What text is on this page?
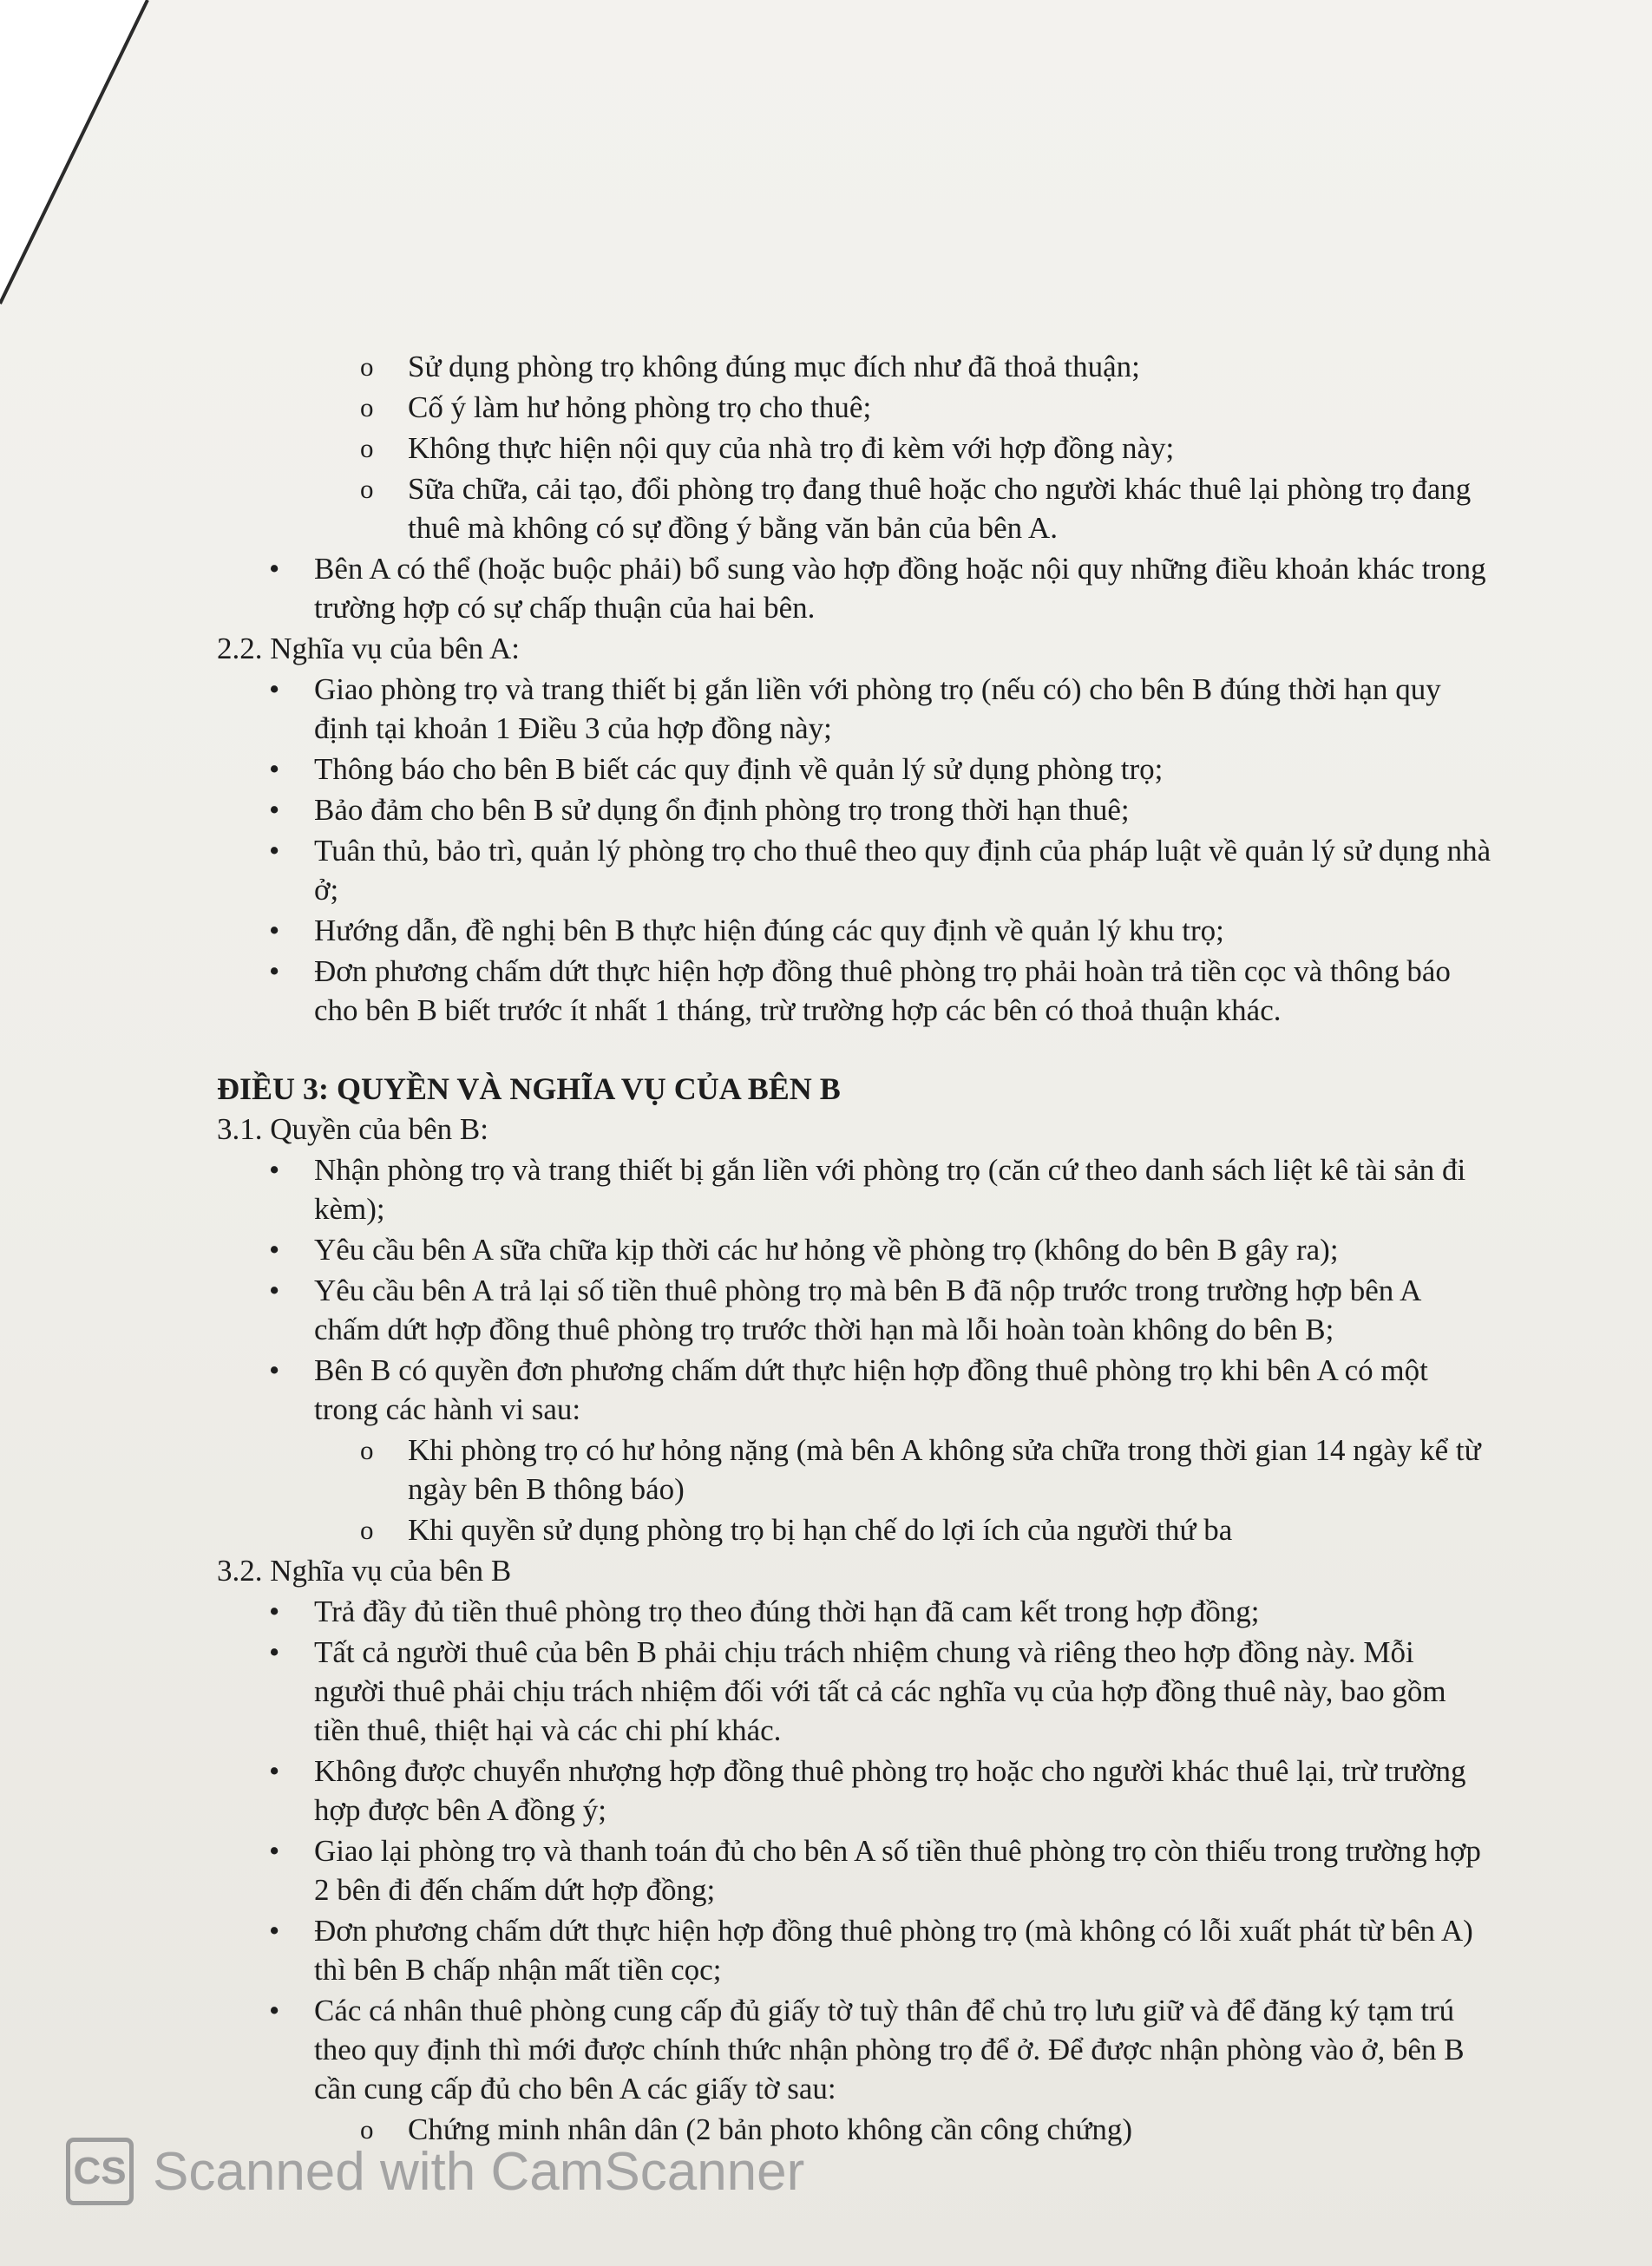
o Sử dụng phòng trọ không đúng mục đích như đã thoả thuận;
o Cố ý làm hư hỏng phòng trọ cho thuê;
o Không thực hiện nội quy của nhà trọ đi kèm với hợp đồng này;
o Sữa chữa, cải tạo, đổi phòng trọ đang thuê hoặc cho người khác thuê lại phòng trọ đang thuê mà không có sự đồng ý bằng văn bản của bên A.
• Bên A có thể (hoặc buộc phải) bổ sung vào hợp đồng hoặc nội quy những điều khoản khác trong trường hợp có sự chấp thuận của hai bên.
2.2. Nghĩa vụ của bên A:
• Giao phòng trọ và trang thiết bị gắn liền với phòng trọ (nếu có) cho bên B đúng thời hạn quy định tại khoản 1 Điều 3 của hợp đồng này;
• Thông báo cho bên B biết các quy định về quản lý sử dụng phòng trọ;
• Bảo đảm cho bên B sử dụng ổn định phòng trọ trong thời hạn thuê;
• Tuân thủ, bảo trì, quản lý phòng trọ cho thuê theo quy định của pháp luật về quản lý sử dụng nhà ở;
• Hướng dẫn, đề nghị bên B thực hiện đúng các quy định về quản lý khu trọ;
• Đơn phương chấm dứt thực hiện hợp đồng thuê phòng trọ phải hoàn trả tiền cọc và thông báo cho bên B biết trước ít nhất 1 tháng, trừ trường hợp các bên có thoả thuận khác.
ĐIỀU 3: QUYỀN VÀ NGHĨA VỤ CỦA BÊN B
3.1. Quyền của bên B:
• Nhận phòng trọ và trang thiết bị gắn liền với phòng trọ (căn cứ theo danh sách liệt kê tài sản đi kèm);
• Yêu cầu bên A sữa chữa kịp thời các hư hỏng về phòng trọ (không do bên B gây ra);
• Yêu cầu bên A trả lại số tiền thuê phòng trọ mà bên B đã nộp trước trong trường hợp bên A chấm dứt hợp đồng thuê phòng trọ trước thời hạn mà lỗi hoàn toàn không do bên B;
• Bên B có quyền đơn phương chấm dứt thực hiện hợp đồng thuê phòng trọ khi bên A có một trong các hành vi sau:
o Khi phòng trọ có hư hỏng nặng (mà bên A không sửa chữa trong thời gian 14 ngày kể từ ngày bên B thông báo)
o Khi quyền sử dụng phòng trọ bị hạn chế do lợi ích của người thứ ba
3.2. Nghĩa vụ của bên B
• Trả đầy đủ tiền thuê phòng trọ theo đúng thời hạn đã cam kết trong hợp đồng;
• Tất cả người thuê của bên B phải chịu trách nhiệm chung và riêng theo hợp đồng này. Mỗi người thuê phải chịu trách nhiệm đối với tất cả các nghĩa vụ của hợp đồng thuê này, bao gồm tiền thuê, thiệt hại và các chi phí khác.
• Không được chuyển nhượng hợp đồng thuê phòng trọ hoặc cho người khác thuê lại, trừ trường hợp được bên A đồng ý;
• Giao lại phòng trọ và thanh toán đủ cho bên A số tiền thuê phòng trọ còn thiếu trong trường hợp 2 bên đi đến chấm dứt hợp đồng;
• Đơn phương chấm dứt thực hiện hợp đồng thuê phòng trọ (mà không có lỗi xuất phát từ bên A) thì bên B chấp nhận mất tiền cọc;
• Các cá nhân thuê phòng cung cấp đủ giấy tờ tuỳ thân để chủ trọ lưu giữ và để đăng ký tạm trú theo quy định thì mới được chính thức nhận phòng trọ để ở. Để được nhận phòng vào ở, bên B cần cung cấp đủ cho bên A các giấy tờ sau:
o Chứng minh nhân dân (2 bản photo không cần công chứng)
CS Scanned with CamScanner
